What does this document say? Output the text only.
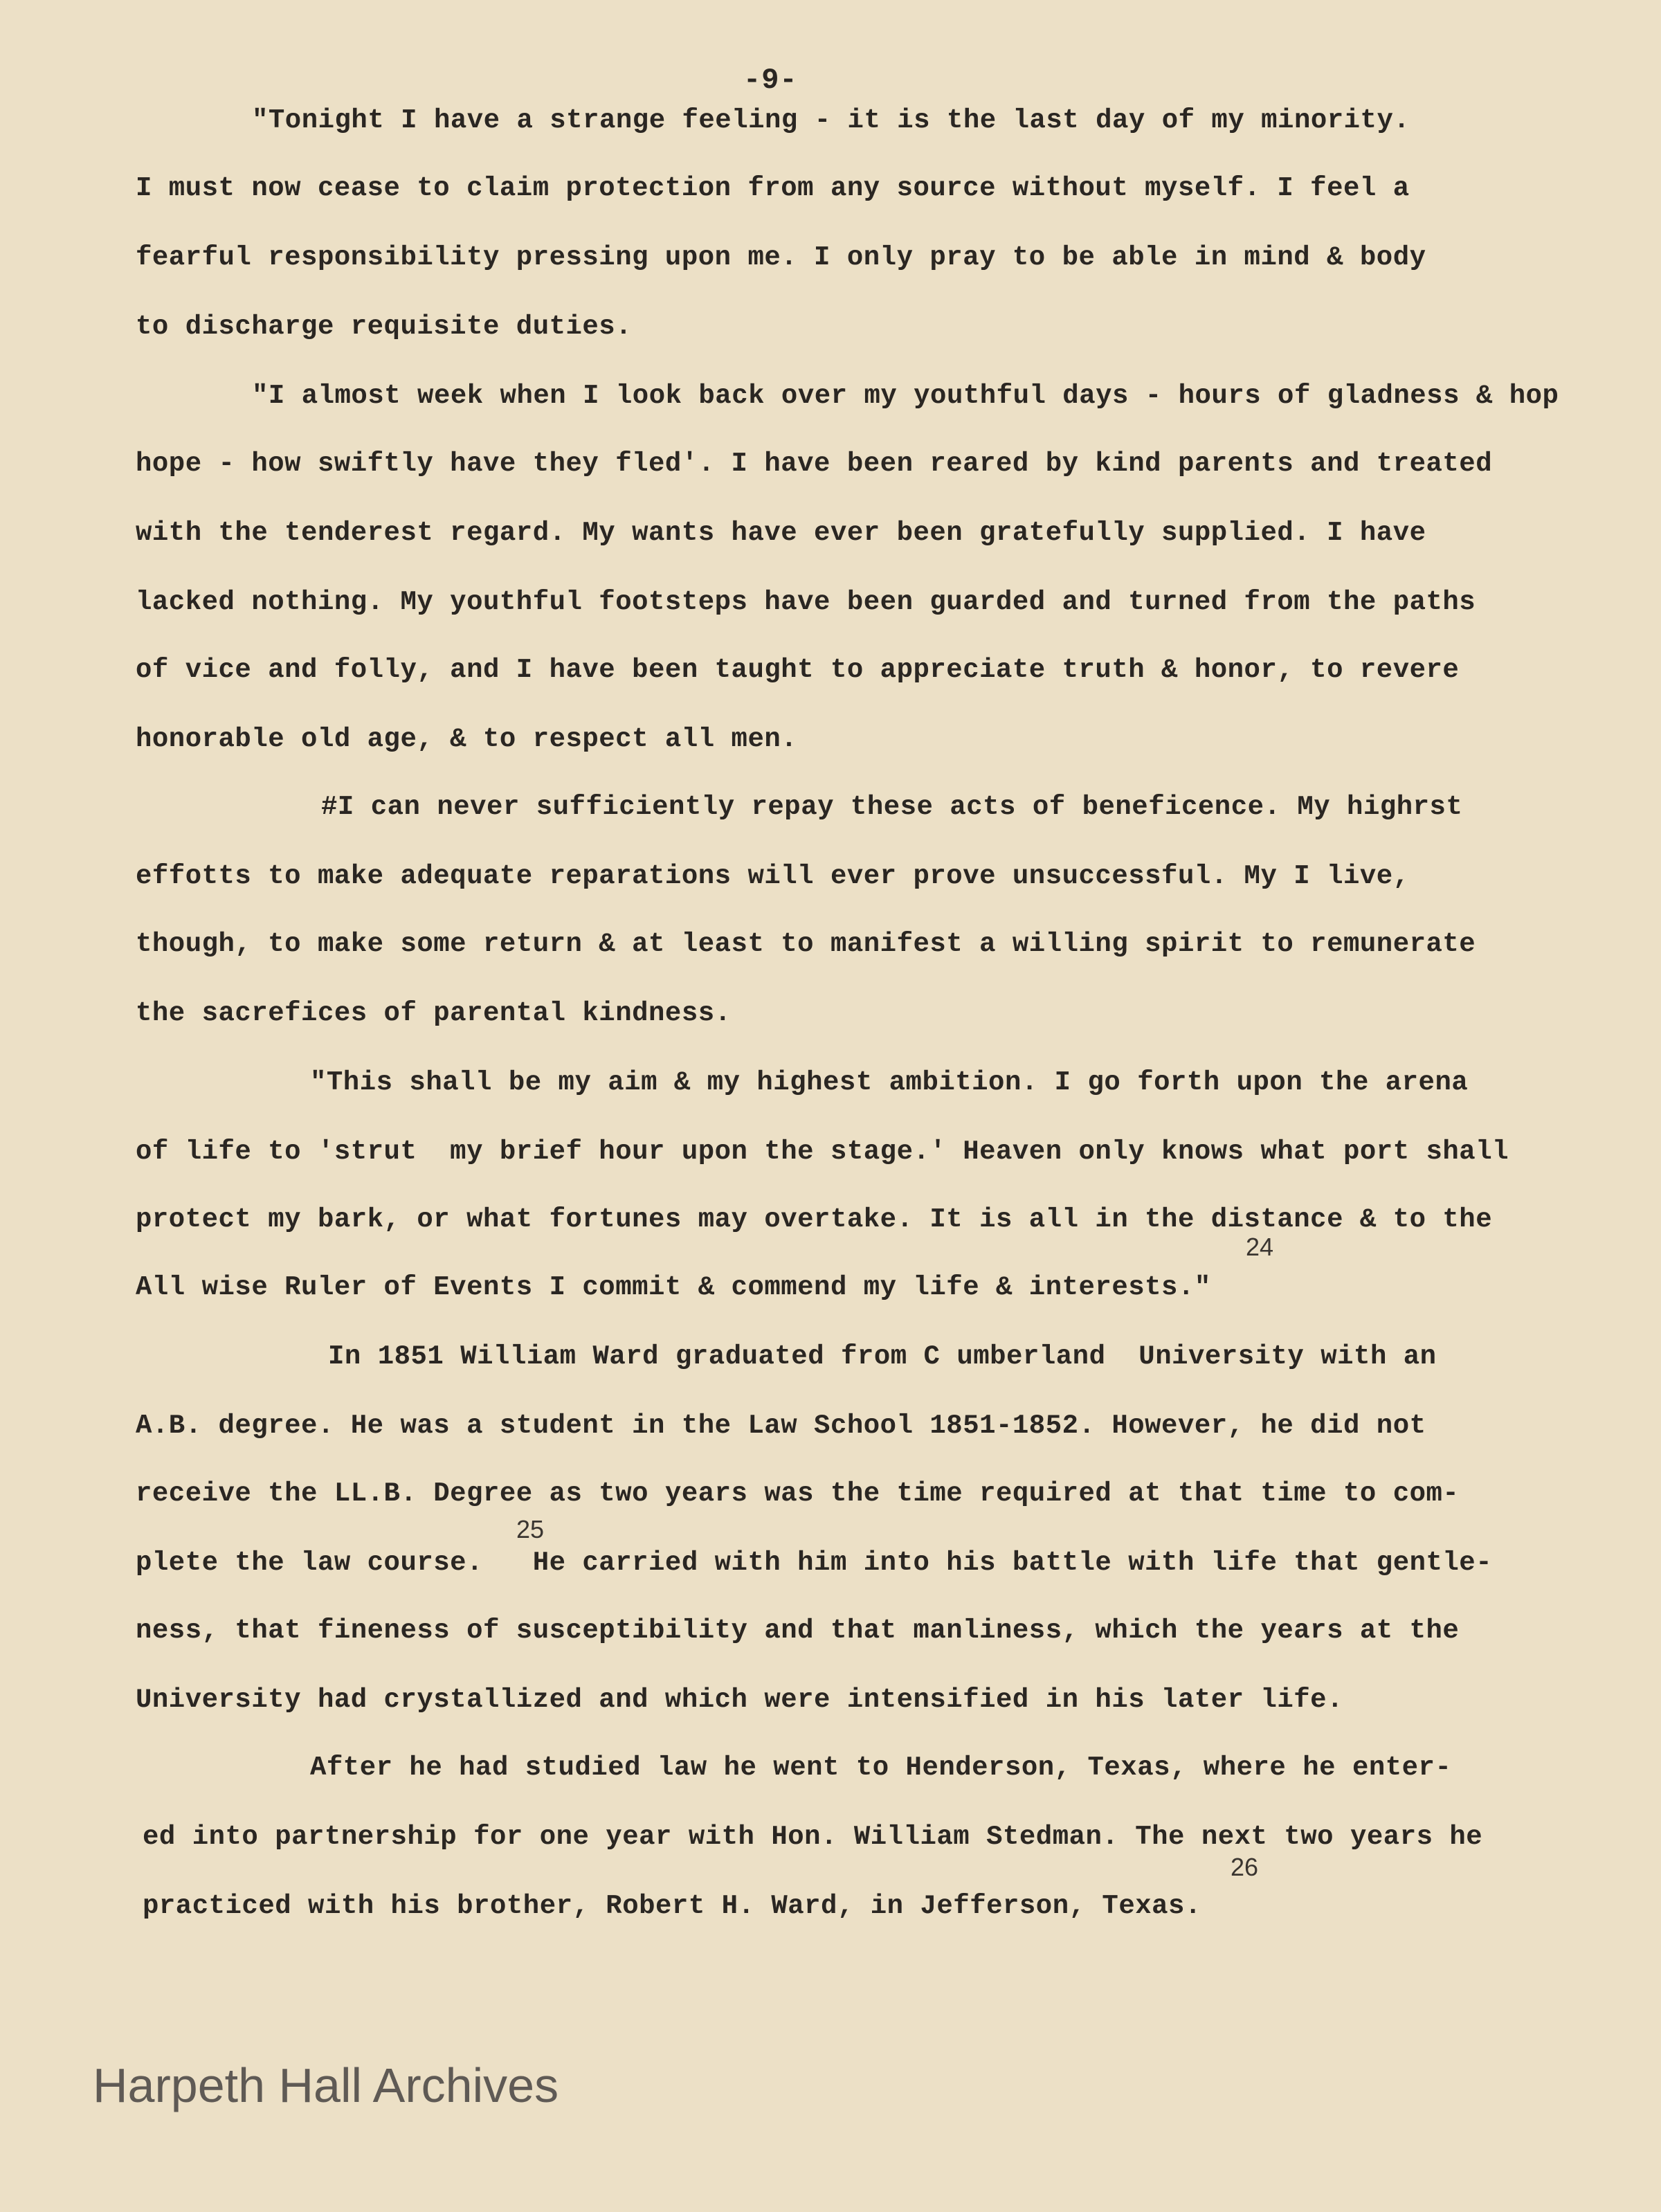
-9-
"Tonight I have a strange feeling - it is the last day of my minority.
I must now cease to claim protection from any source without myself. I feel a
fearful responsibility pressing upon me. I only pray to be able in mind & body
to discharge requisite duties.
"I almost week when I look back over my youthful days - hours of gladness & hop
hope - how swiftly have they fled'. I have been reared by kind parents and treated
with the tenderest regard. My wants have ever been gratefully supplied. I have
lacked nothing. My youthful footsteps have been guarded and turned from the paths
of vice and folly, and I have been taught to appreciate truth & honor, to revere
honorable old age, & to respect all men.
#I can never sufficiently repay these acts of beneficence. My highrst
effotts to make adequate reparations will ever prove unsuccessful. My I live,
though, to make some return & at least to manifest a willing spirit to remunerate
the sacrefices of parental kindness.
"This shall be my aim & my highest ambition. I go forth upon the arena
of life to 'strut  my brief hour upon the stage.' Heaven only knows what port shall
protect my bark, or what fortunes may overtake. It is all in the distance & to the
24
All wise Ruler of Events I commit & commend my life & interests."
In 1851 William Ward graduated from C umberland  University with an
A.B. degree. He was a student in the Law School 1851-1852. However, he did not
receive the LL.B. Degree as two years was the time required at that time to com-
25
plete the law course.   He carried with him into his battle with life that gentle-
ness, that fineness of susceptibility and that manliness, which the years at the
University had crystallized and which were intensified in his later life.
After he had studied law he went to Henderson, Texas, where he enter-
ed into partnership for one year with Hon. William Stedman. The next two years he
26
practiced with his brother, Robert H. Ward, in Jefferson, Texas.
Harpeth Hall Archives
